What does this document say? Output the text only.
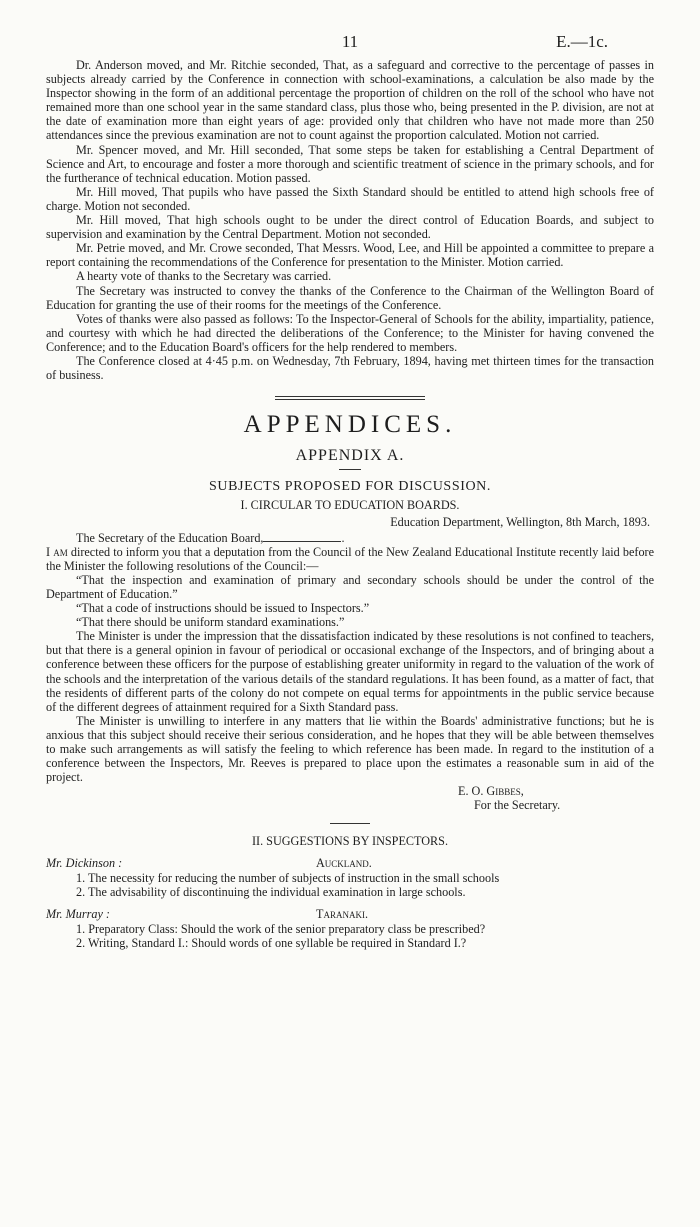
11	E.—1c.

Dr. Anderson moved, and Mr. Ritchie seconded, That, as a safeguard and corrective to the percentage of passes in subjects already carried by the Conference in connection with school-examinations, a calculation be also made by the Inspector showing in the form of an additional percentage the proportion of children on the roll of the school who have not remained more than one school year in the same standard class, plus those who, being presented in the P. division, are not at the date of examination more than eight years of age: provided only that children who have not made more than 250 attendances since the previous examination are not to count against the proportion calculated. Motion not carried.

Mr. Spencer moved, and Mr. Hill seconded, That some steps be taken for establishing a Central Department of Science and Art, to encourage and foster a more thorough and scientific treatment of science in the primary schools, and for the furtherance of technical education. Motion passed.

Mr. Hill moved, That pupils who have passed the Sixth Standard should be entitled to attend high schools free of charge. Motion not seconded.

Mr. Hill moved, That high schools ought to be under the direct control of Education Boards, and subject to supervision and examination by the Central Department. Motion not seconded.

Mr. Petrie moved, and Mr. Crowe seconded, That Messrs. Wood, Lee, and Hill be appointed a committee to prepare a report containing the recommendations of the Conference for presentation to the Minister. Motion carried.

A hearty vote of thanks to the Secretary was carried.

The Secretary was instructed to convey the thanks of the Conference to the Chairman of the Wellington Board of Education for granting the use of their rooms for the meetings of the Conference.

Votes of thanks were also passed as follows: To the Inspector-General of Schools for the ability, impartiality, patience, and courtesy with which he had directed the deliberations of the Conference; to the Minister for having convened the Conference; and to the Education Board's officers for the help rendered to members.

The Conference closed at 4·45 p.m. on Wednesday, 7th February, 1894, having met thirteen times for the transaction of business.

APPENDICES.
APPENDIX A.
SUBJECTS PROPOSED FOR DISCUSSION.
I. CIRCULAR TO EDUCATION BOARDS.
Education Department, Wellington, 8th March, 1893.

The Secretary of the Education Board,	.

I am directed to inform you that a deputation from the Council of the New Zealand Educational Institute recently laid before the Minister the following resolutions of the Council:—

“That the inspection and examination of primary and secondary schools should be under the control of the Department of Education.”

“That a code of instructions should be issued to Inspectors.”

“That there should be uniform standard examinations.”

The Minister is under the impression that the dissatisfaction indicated by these resolutions is not confined to teachers, but that there is a general opinion in favour of periodical or occasional exchange of the Inspectors, and of bringing about a conference between these officers for the purpose of establishing greater uniformity in regard to the valuation of the work of the schools and the interpretation of the various details of the standard regulations. It has been found, as a matter of fact, that the residents of different parts of the colony do not compete on equal terms for appointments in the public service because of the different degrees of attainment required for a Sixth Standard pass.

The Minister is unwilling to interfere in any matters that lie within the Boards' administrative functions; but he is anxious that this subject should receive their serious consideration, and he hopes that they will be able between themselves to make such arrangements as will satisfy the feeling to which reference has been made. In regard to the institution of a conference between the Inspectors, Mr. Reeves is prepared to place upon the estimates a reasonable sum in aid of the project.

E. O. Gibbes,
For the Secretary.
II. SUGGESTIONS BY INSPECTORS.
Mr. Dickinson :	Auckland.
1. The necessity for reducing the number of subjects of instruction in the small schools
2. The advisability of discontinuing the individual examination in large schools.
Mr. Murray :	Taranaki.
1. Preparatory Class: Should the work of the senior preparatory class be prescribed?
2. Writing, Standard I.: Should words of one syllable be required in Standard I.?
